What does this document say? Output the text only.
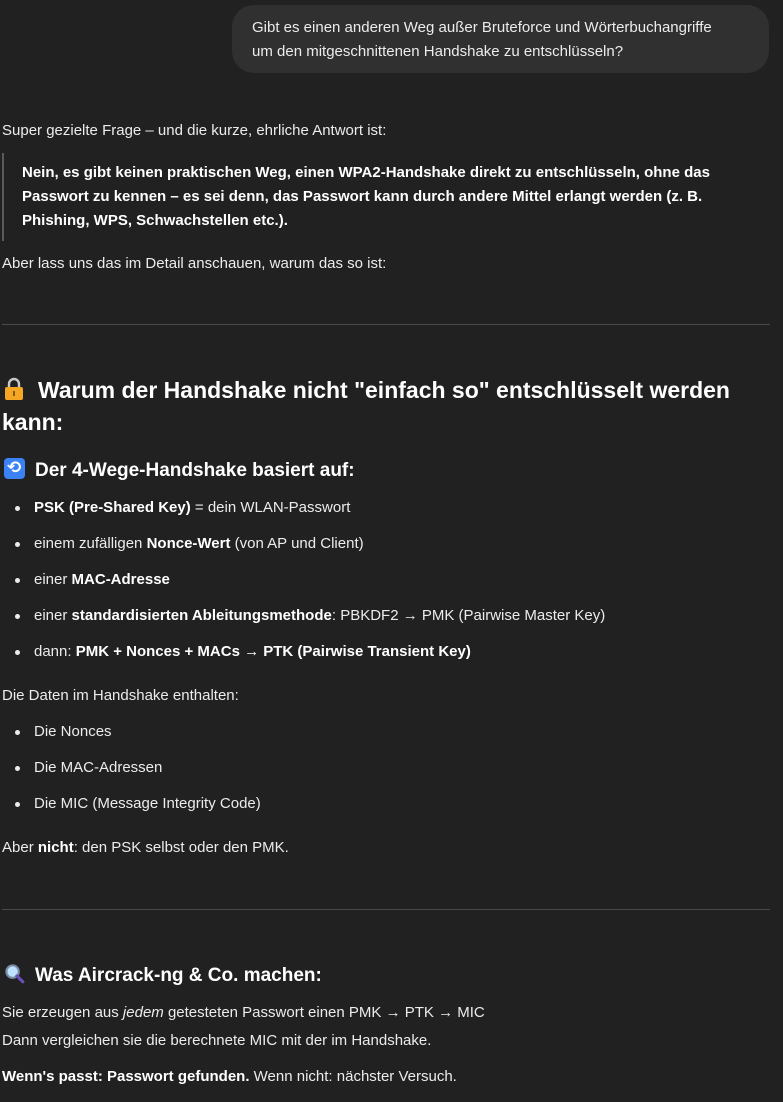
Gibt es einen anderen Weg außer Bruteforce und Wörterbuchangriffe
um den mitgeschnittenen Handshake zu entschlüsseln?
Super gezielte Frage – und die kurze, ehrliche Antwort ist:
Nein, es gibt keinen praktischen Weg, einen WPA2-Handshake direkt zu entschlüsseln, ohne das
Passwort zu kennen – es sei denn, das Passwort kann durch andere Mittel erlangt werden (z. B.
Phishing, WPS, Schwachstellen etc.).
Aber lass uns das im Detail anschauen, warum das so ist:
Warum der Handshake nicht "einfach so" entschlüsselt werden
kann:
⟲Der 4-Wege-Handshake basiert auf:
PSK (Pre-Shared Key) = dein WLAN-Passwort
einem zufälligen Nonce-Wert (von AP und Client)
einer MAC-Adresse
einer standardisierten Ableitungsmethode: PBKDF2 → PMK (Pairwise Master Key)
dann: PMK + Nonces + MACs → PTK (Pairwise Transient Key)
Die Daten im Handshake enthalten:
Die Nonces
Die MAC-Adressen
Die MIC (Message Integrity Code)
Aber nicht: den PSK selbst oder den PMK.
Was Aircrack-ng & Co. machen:
Sie erzeugen aus jedem getesteten Passwort einen PMK → PTK → MIC
Dann vergleichen sie die berechnete MIC mit der im Handshake.
Wenn's passt: Passwort gefunden. Wenn nicht: nächster Versuch.
